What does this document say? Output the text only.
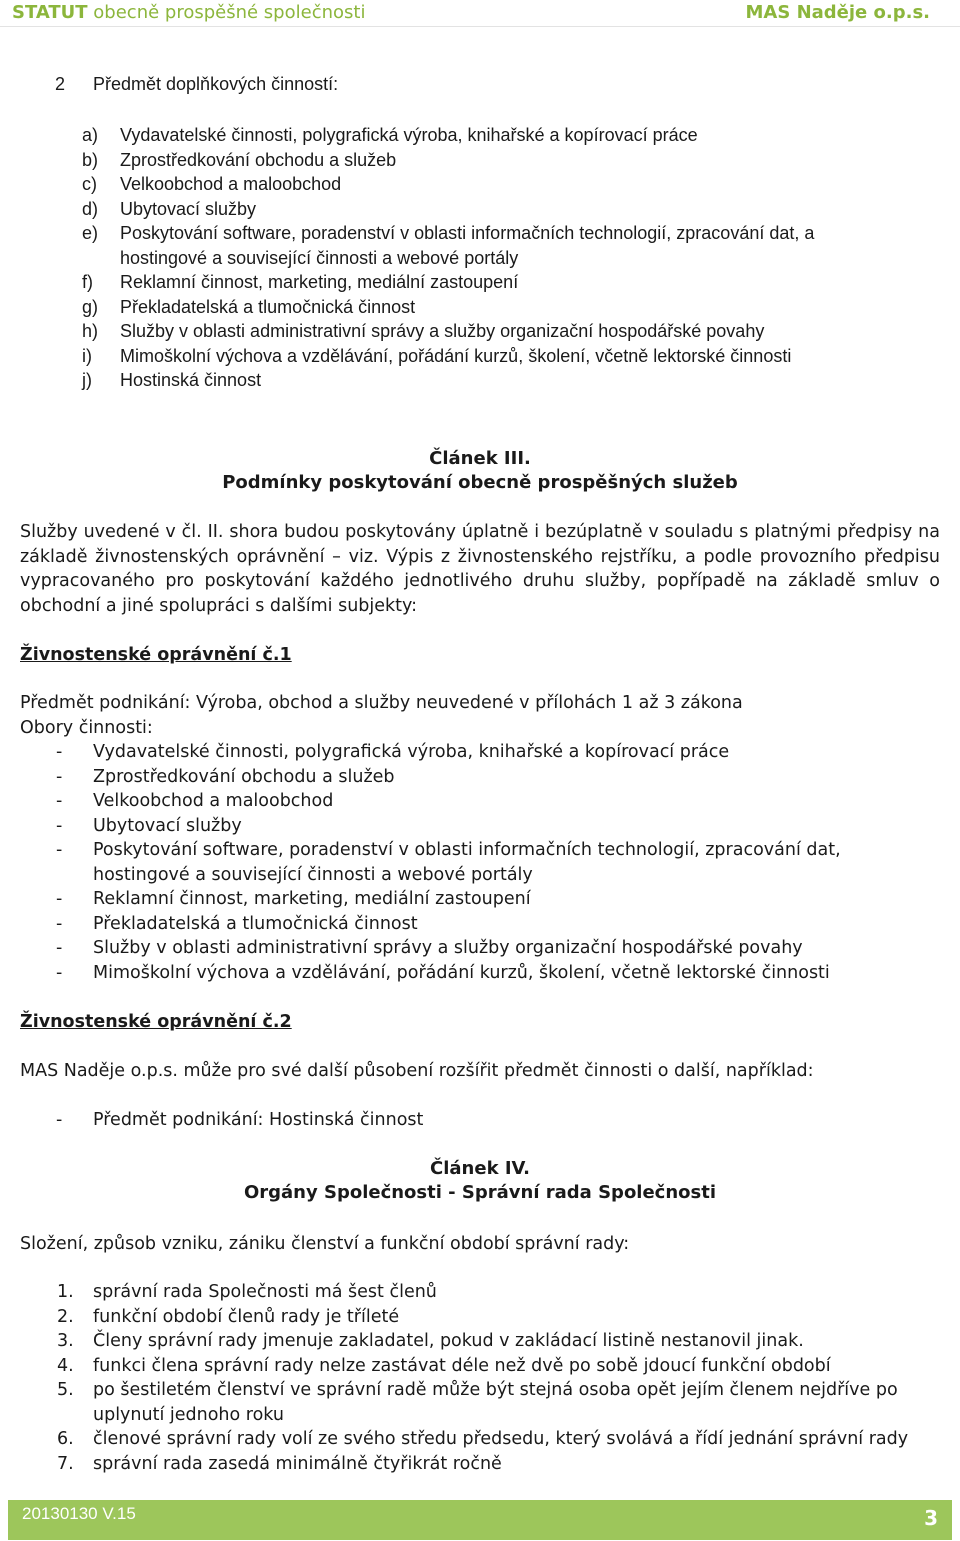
STATUT obecně prospěšné společnosti	MAS Naděje o.p.s.
2 Předmět doplňkových činností:
a) Vydavatelské činnosti, polygrafická výroba, knihařské a kopírovací práce
b) Zprostředkování obchodu a služeb
c) Velkoobchod a maloobchod
d) Ubytovací služby
e) Poskytování software, poradenství v oblasti informačních technologií, zpracování dat, a
hostingové a související činnosti a webové portály
f) Reklamní činnost, marketing, mediální zastoupení
g) Překladatelská a tlumočnická činnost
h) Služby v oblasti administrativní správy a služby organizační hospodářské povahy
i) Mimoškolní výchova a vzdělávání, pořádání kurzů, školení, včetně lektorské činnosti
j) Hostinská činnost
Článek III.
Podmínky poskytování obecně prospěšných služeb
Služby uvedené v čl. II. shora budou poskytovány úplatně i bezúplatně v souladu s platnými předpisy na základě živnostenských oprávnění – viz. Výpis z živnostenského rejstříku, a podle provozního předpisu vypracovaného pro poskytování každého jednotlivého druhu služby, popřípadě na základě smluv o obchodní a jiné spolupráci s dalšími subjekty:
Živnostenské oprávnění č.1
Předmět podnikání: Výroba, obchod a služby neuvedené v přílohách 1 až 3 zákona
Obory činnosti:
- Vydavatelské činnosti, polygrafická výroba, knihařské a kopírovací práce
- Zprostředkování obchodu a služeb
- Velkoobchod a maloobchod
- Ubytovací služby
- Poskytování software, poradenství v oblasti informačních technologií, zpracování dat,
hostingové a související činnosti a webové portály
- Reklamní činnost, marketing, mediální zastoupení
- Překladatelská a tlumočnická činnost
- Služby v oblasti administrativní správy a služby organizační hospodářské povahy
- Mimoškolní výchova a vzdělávání, pořádání kurzů, školení, včetně lektorské činnosti
Živnostenské oprávnění č.2
MAS Naděje o.p.s. může pro své další působení rozšířit předmět činnosti o další, například:
- Předmět podnikání: Hostinská činnost
Článek IV.
Orgány Společnosti - Správní rada Společnosti
Složení, způsob vzniku, zániku členství a funkční období správní rady:
1. správní rada Společnosti má šest členů
2. funkční období členů rady je tříleté
3. Členy správní rady jmenuje zakladatel, pokud v zakládací listině nestanovil jinak.
4. funkci člena správní rady nelze zastávat déle než dvě po sobě jdoucí funkční období
5. po šestiletém členství ve správní radě může být stejná osoba opět jejím členem nejdříve po
uplynutí jednoho roku
6. členové správní rady volí ze svého středu předsedu, který svolává a řídí jednání správní rady
7. správní rada zasedá minimálně čtyřikrát ročně
20130130 V.15	3
